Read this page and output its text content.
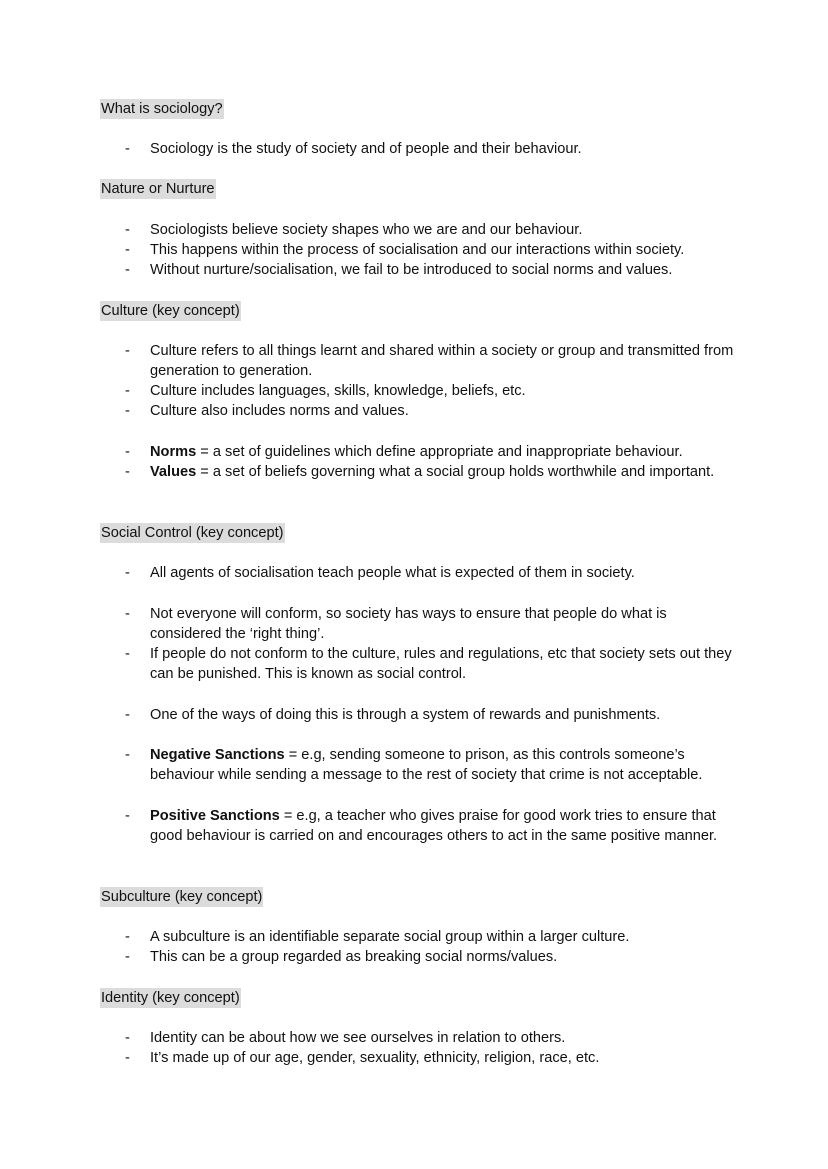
What is sociology?
- Sociology is the study of society and of people and their behaviour.
Nature or Nurture
- Sociologists believe society shapes who we are and our behaviour.
- This happens within the process of socialisation and our interactions within society.
- Without nurture/socialisation, we fail to be introduced to social norms and values.
Culture (key concept)
- Culture refers to all things learnt and shared within a society or group and transmitted from generation to generation.
- Culture includes languages, skills, knowledge, beliefs, etc.
- Culture also includes norms and values.
- Norms = a set of guidelines which define appropriate and inappropriate behaviour.
- Values = a set of beliefs governing what a social group holds worthwhile and important.
Social Control (key concept)
- All agents of socialisation teach people what is expected of them in society.
- Not everyone will conform, so society has ways to ensure that people do what is considered the ‘right thing’.
- If people do not conform to the culture, rules and regulations, etc that society sets out they can be punished. This is known as social control.
- One of the ways of doing this is through a system of rewards and punishments.
- Negative Sanctions = e.g, sending someone to prison, as this controls someone’s behaviour while sending a message to the rest of society that crime is not acceptable.
- Positive Sanctions = e.g, a teacher who gives praise for good work tries to ensure that good behaviour is carried on and encourages others to act in the same positive manner.
Subculture (key concept)
- A subculture is an identifiable separate social group within a larger culture.
- This can be a group regarded as breaking social norms/values.
Identity (key concept)
- Identity can be about how we see ourselves in relation to others.
- It’s made up of our age, gender, sexuality, ethnicity, religion, race, etc.
